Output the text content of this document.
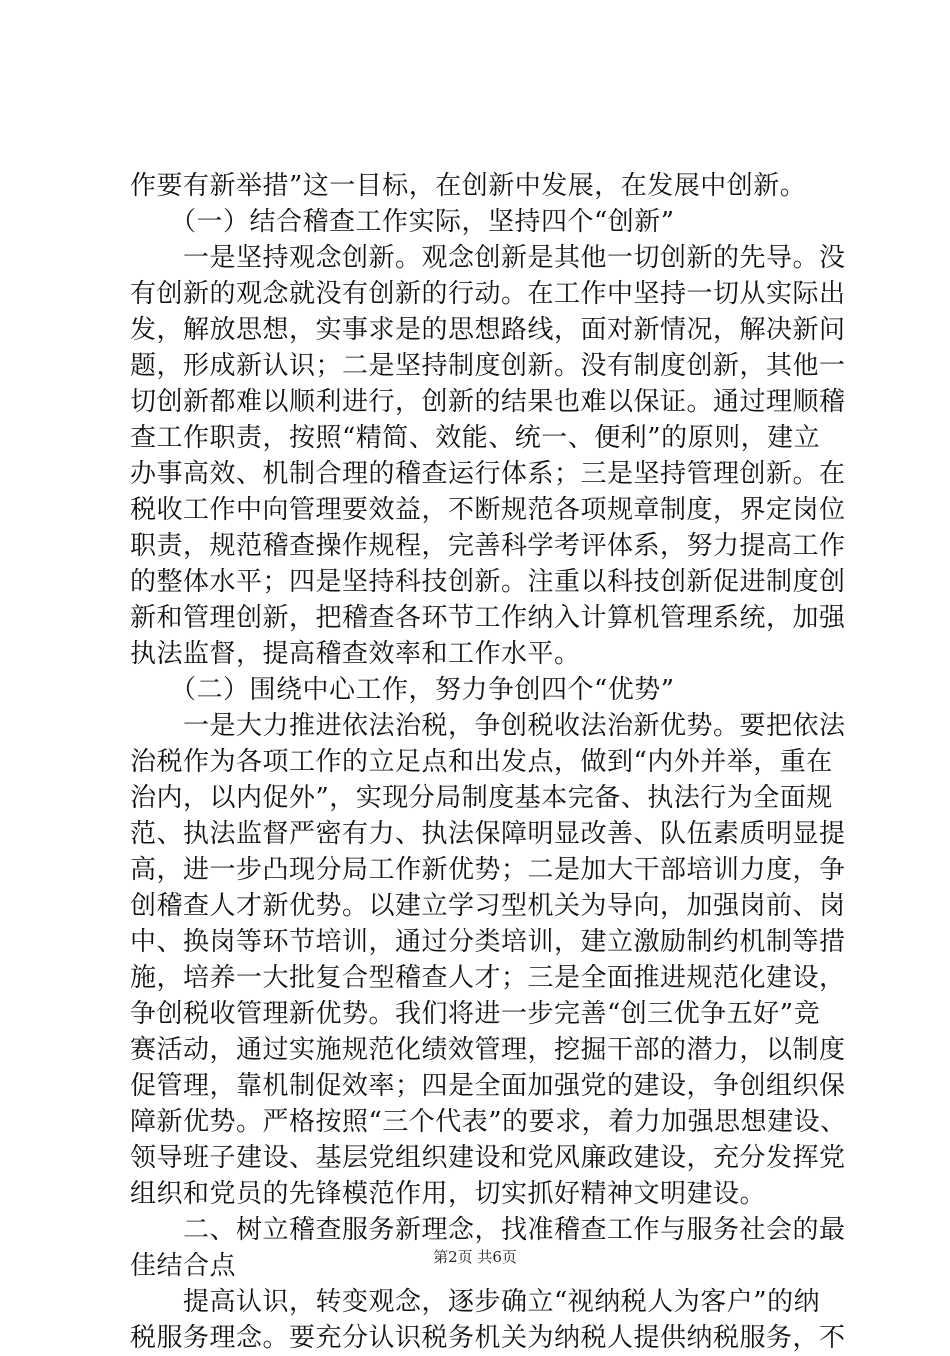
作要有新举措”这一目标，在创新中发展，在发展中创新。
　　（一）结合稽查工作实际，坚持四个“创新”
　　一是坚持观念创新。观念创新是其他一切创新的先导。没
有创新的观念就没有创新的行动。在工作中坚持一切从实际出
发，解放思想，实事求是的思想路线，面对新情况，解决新问
题，形成新认识；二是坚持制度创新。没有制度创新，其他一
切创新都难以顺利进行，创新的结果也难以保证。通过理顺稽
查工作职责，按照“精简、效能、统一、便利”的原则，建立
办事高效、机制合理的稽查运行体系；三是坚持管理创新。在
税收工作中向管理要效益，不断规范各项规章制度，界定岗位
职责，规范稽查操作规程，完善科学考评体系，努力提高工作
的整体水平；四是坚持科技创新。注重以科技创新促进制度创
新和管理创新，把稽查各环节工作纳入计算机管理系统，加强
执法监督，提高稽查效率和工作水平。
　　（二）围绕中心工作，努力争创四个“优势”
　　一是大力推进依法治税，争创税收法治新优势。要把依法
治税作为各项工作的立足点和出发点，做到“内外并举，重在
治内，以内促外”，实现分局制度基本完备、执法行为全面规
范、执法监督严密有力、执法保障明显改善、队伍素质明显提
高，进一步凸现分局工作新优势；二是加大干部培训力度，争
创稽查人才新优势。以建立学习型机关为导向，加强岗前、岗
中、换岗等环节培训，通过分类培训，建立激励制约机制等措
施，培养一大批复合型稽查人才；三是全面推进规范化建设，
争创税收管理新优势。我们将进一步完善“创三优争五好”竞
赛活动，通过实施规范化绩效管理，挖掘干部的潜力，以制度
促管理，靠机制促效率；四是全面加强党的建设，争创组织保
障新优势。严格按照“三个代表”的要求，着力加强思想建设、
领导班子建设、基层党组织建设和党风廉政建设，充分发挥党
组织和党员的先锋模范作用，切实抓好精神文明建设。
　　二、树立稽查服务新理念，找准稽查工作与服务社会的最
佳结合点
　　提高认识，转变观念，逐步确立“视纳税人为客户”的纳
税服务理念。要充分认识税务机关为纳税人提供纳税服务，不
第2页 共6页
